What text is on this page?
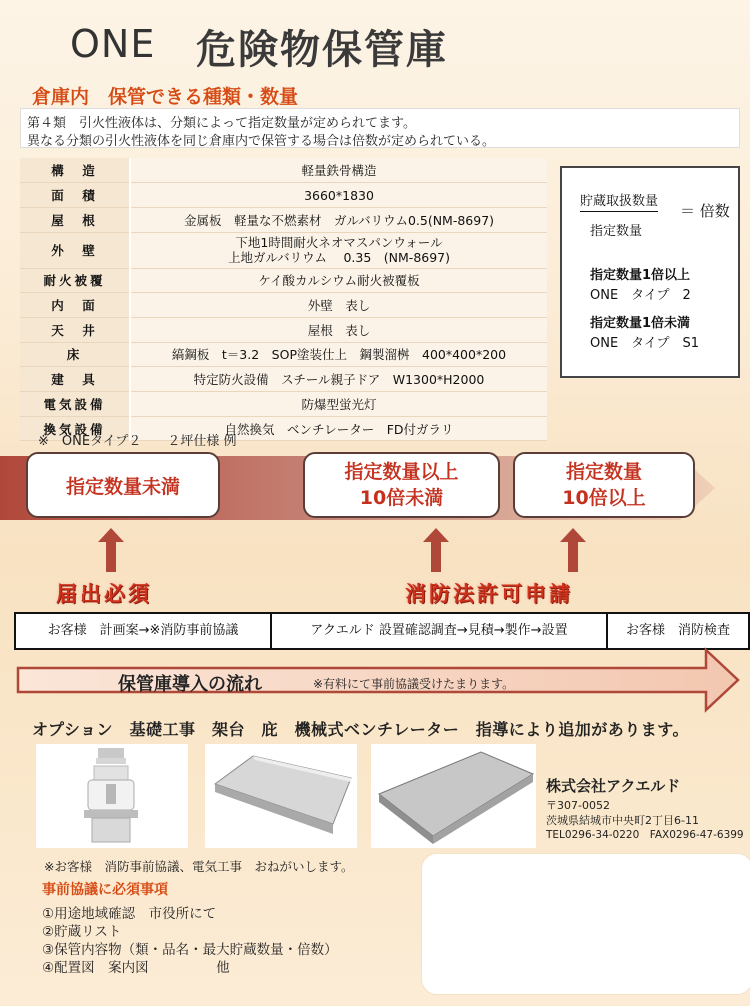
ONE 危険物保管庫
倉庫内　保管できる種類・数量
第４類　引火性液体は、分類によって指定数量が定められてます。
異なる分類の引火性液体を同じ倉庫内で保管する場合は倍数が定められている。
構　造	軽量鉄骨構造
面　積	3660*1830
屋　根	金属板　軽量な不燃素材　ガルバリウム0.5(NM-8697)
外　壁	下地1時間耐火ネオマスパンウォール
上地ガルバリウム　 0.35　(NM-8697)

耐火被覆	ケイ酸カルシウム耐火被覆板
内　面	外壁　表し
天　井	屋根　表し
床	縞鋼板　t＝3.2　SOP塗装仕上　鋼製溜桝　400*400*200
建　具	特定防火設備　スチール親子ドア　W1300*H2000
電気設備	防爆型蛍光灯
換気設備	自然換気　ベンチレーター　FD付ガラリ
貯蔵取扱数量
＝ 倍数
指定数量
指定数量1倍以上
ONE　タイプ　2
指定数量1倍未満
ONE　タイプ　S1
※　ONEタイプ２　　２坪仕様 例
指定数量未満
指定数量以上
10倍未満
指定数量
10倍以上
届出必須	消防法許可申請
お客様　計画案→※消防事前協議	アクエルド 設置確認調査→見積→製作→設置	お客様　消防検査
保管庫導入の流れ	※有料にて事前協議受けたまります。
オプション　基礎工事　架台　庇　機械式ベンチレーター　指導により追加があります。
株式会社アクエルド
〒307-0052
茨城県結城市中央町2丁目6-11
TEL0296-34-0220　FAX0296-47-6399
※お客様　消防事前協議、電気工事　おねがいします。
事前協議に必須事項
①用途地域確認　市役所にて
②貯蔵リスト
③保管内容物（類・品名・最大貯蔵数量・倍数）
④配置図　案内図　　　　　他
